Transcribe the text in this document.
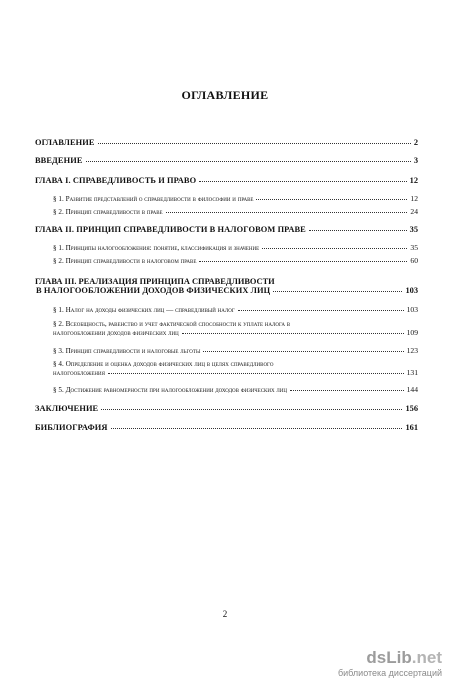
ОГЛАВЛЕНИЕ
ОГЛАВЛЕНИЕ	2
ВВЕДЕНИЕ	3
ГЛАВА I. СПРАВЕДЛИВОСТЬ И ПРАВО	12
§ 1. Развитие представлений о справедливости в философии и праве	12
§ 2. Принцип справедливости в праве	24
ГЛАВА II. ПРИНЦИП СПРАВЕДЛИВОСТИ В НАЛОГОВОМ ПРАВЕ	35
§ 1. Принципы налогообложения: понятие, классификация и значение	35
§ 2. Принцип справедливости в налоговом праве	60
ГЛАВА III. РЕАЛИЗАЦИЯ ПРИНЦИПА СПРАВЕДЛИВОСТИ
В НАЛОГООБЛОЖЕНИИ ДОХОДОВ ФИЗИЧЕСКИХ ЛИЦ	103
§ 1. Налог на доходы физических лиц — справедливый налог	103
§ 2. Всеобщность, равенство и учет фактической способности к уплате налога в
налогообложении доходов физических лиц	109
§ 3. Принцип справедливости и налоговые льготы	123
§ 4. Определение и оценка доходов физических лиц в целях справедливого
налогообложения	131
§ 5. Достижение равномерности при налогообложении доходов физических лиц	144
ЗАКЛЮЧЕНИЕ	156
БИБЛИОГРАФИЯ	161
2
dsLib.net
библиотека диссертаций
